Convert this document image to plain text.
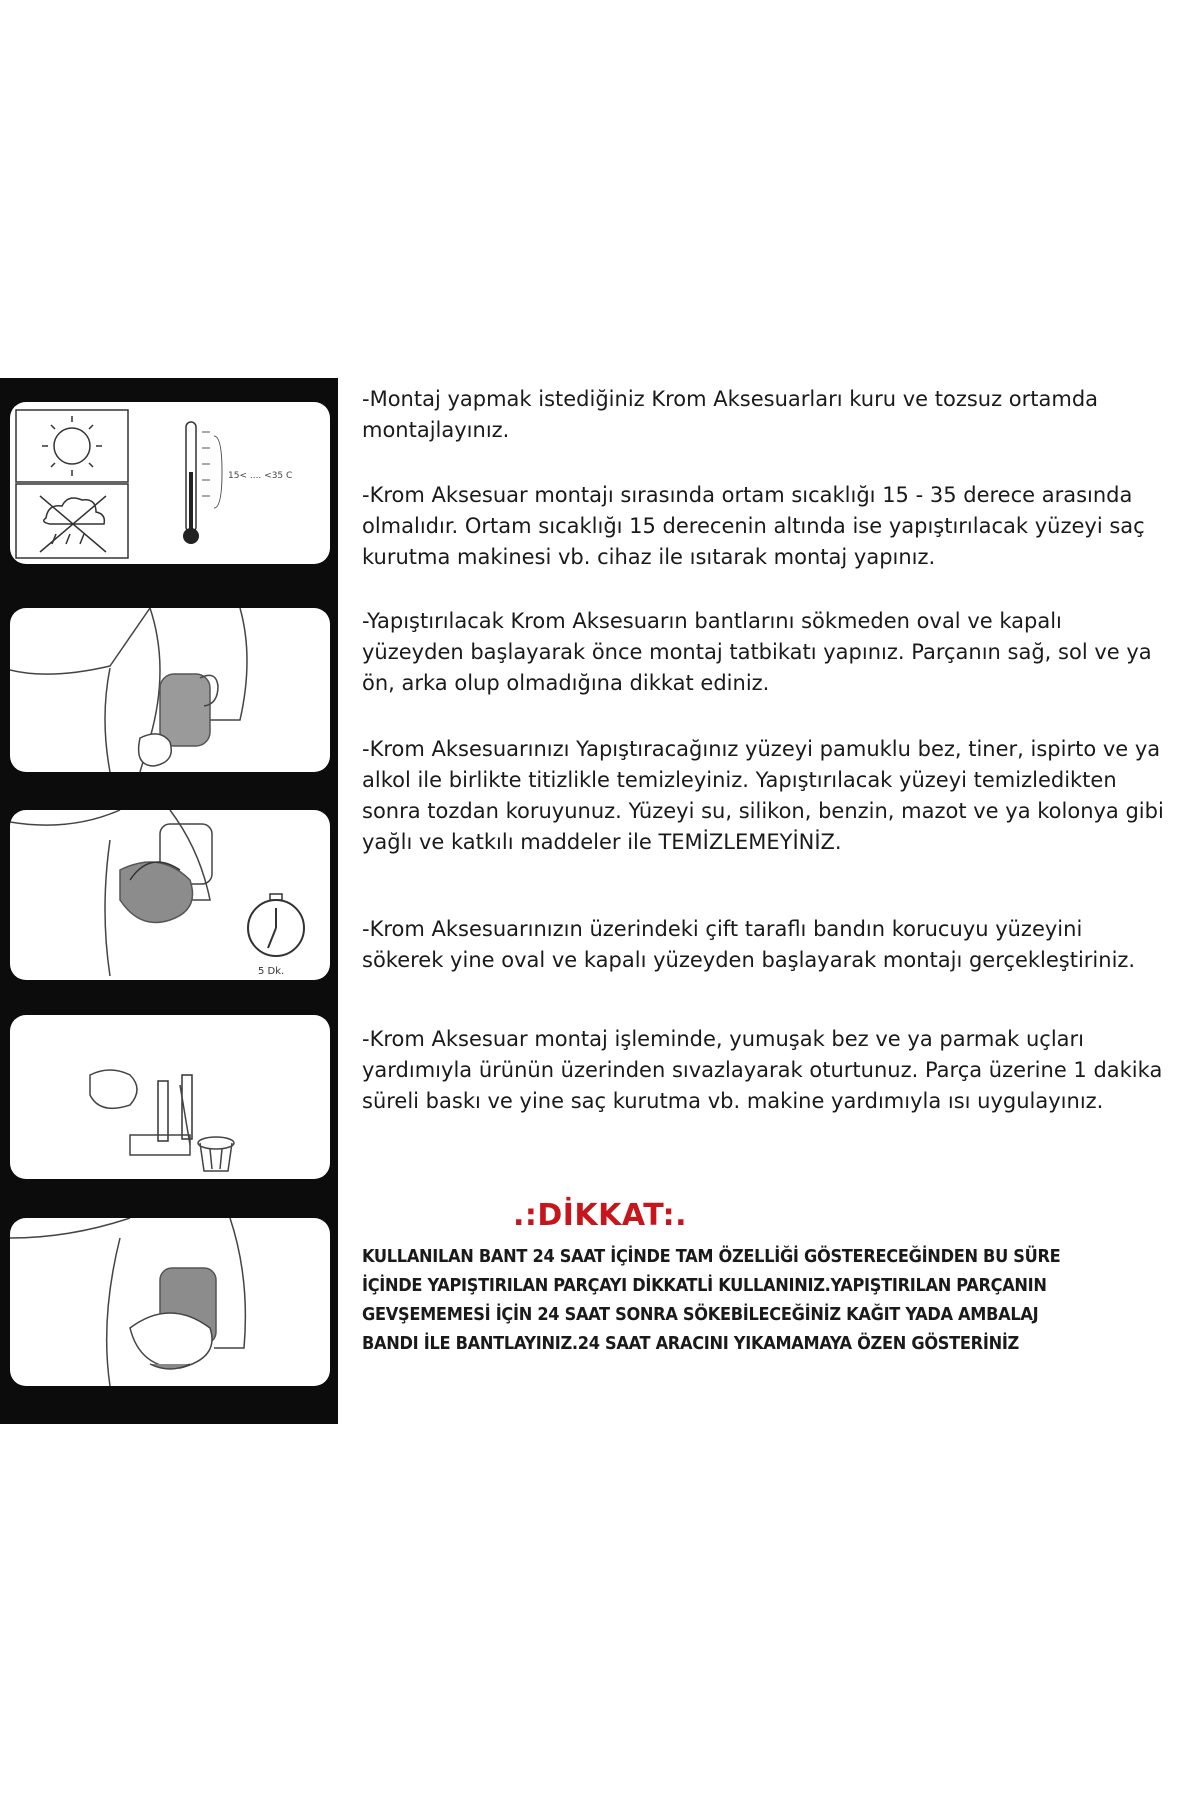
15< .... <35 C
5 Dk.

-Montaj yapmak istediğiniz Krom Aksesuarları kuru ve tozsuz ortamda montajlayınız.

-Krom Aksesuar montajı sırasında ortam sıcaklığı 15 - 35 derece arasında olmalıdır. Ortam sıcaklığı 15 derecenin altında ise yapıştırılacak yüzeyi saç kurutma makinesi vb. cihaz ile ısıtarak montaj yapınız.

-Yapıştırılacak Krom Aksesuarın bantlarını sökmeden oval ve kapalı yüzeyden başlayarak önce montaj tatbikatı yapınız. Parçanın sağ, sol ve ya ön, arka olup olmadığına dikkat ediniz.

-Krom Aksesuarınızı Yapıştıracağınız yüzeyi pamuklu bez, tiner, ispirto ve ya alkol ile birlikte titizlikle temizleyiniz. Yapıştırılacak yüzeyi temizledikten sonra tozdan koruyunuz. Yüzeyi su, silikon, benzin, mazot ve ya kolonya gibi yağlı ve katkılı maddeler ile TEMİZLEMEYİNİZ.

-Krom Aksesuarınızın üzerindeki çift taraflı bandın korucuyu yüzeyini sökerek yine oval ve kapalı yüzeyden başlayarak montajı gerçekleştiriniz.

-Krom Aksesuar montaj işleminde, yumuşak bez ve ya parmak uçları yardımıyla ürünün üzerinden sıvazlayarak oturtunuz. Parça üzerine 1 dakika süreli baskı ve yine saç kurutma vb. makine yardımıyla ısı uygulayınız.

.:DİKKAT:.
KULLANILAN BANT 24 SAAT İÇİNDE TAM ÖZELLİĞİ GÖSTERECEĞİNDEN BU SÜRE
İÇİNDE YAPIŞTIRILAN PARÇAYI DİKKATLİ KULLANINIZ.YAPIŞTIRILAN PARÇANIN
GEVŞEMEMESİ İÇİN 24 SAAT SONRA SÖKEBİLECEĞİNİZ KAĞIT YADA AMBALAJ
BANDI İLE BANTLAYINIZ.24 SAAT ARACINI YIKAMAMAYA ÖZEN GÖSTERİNİZ
